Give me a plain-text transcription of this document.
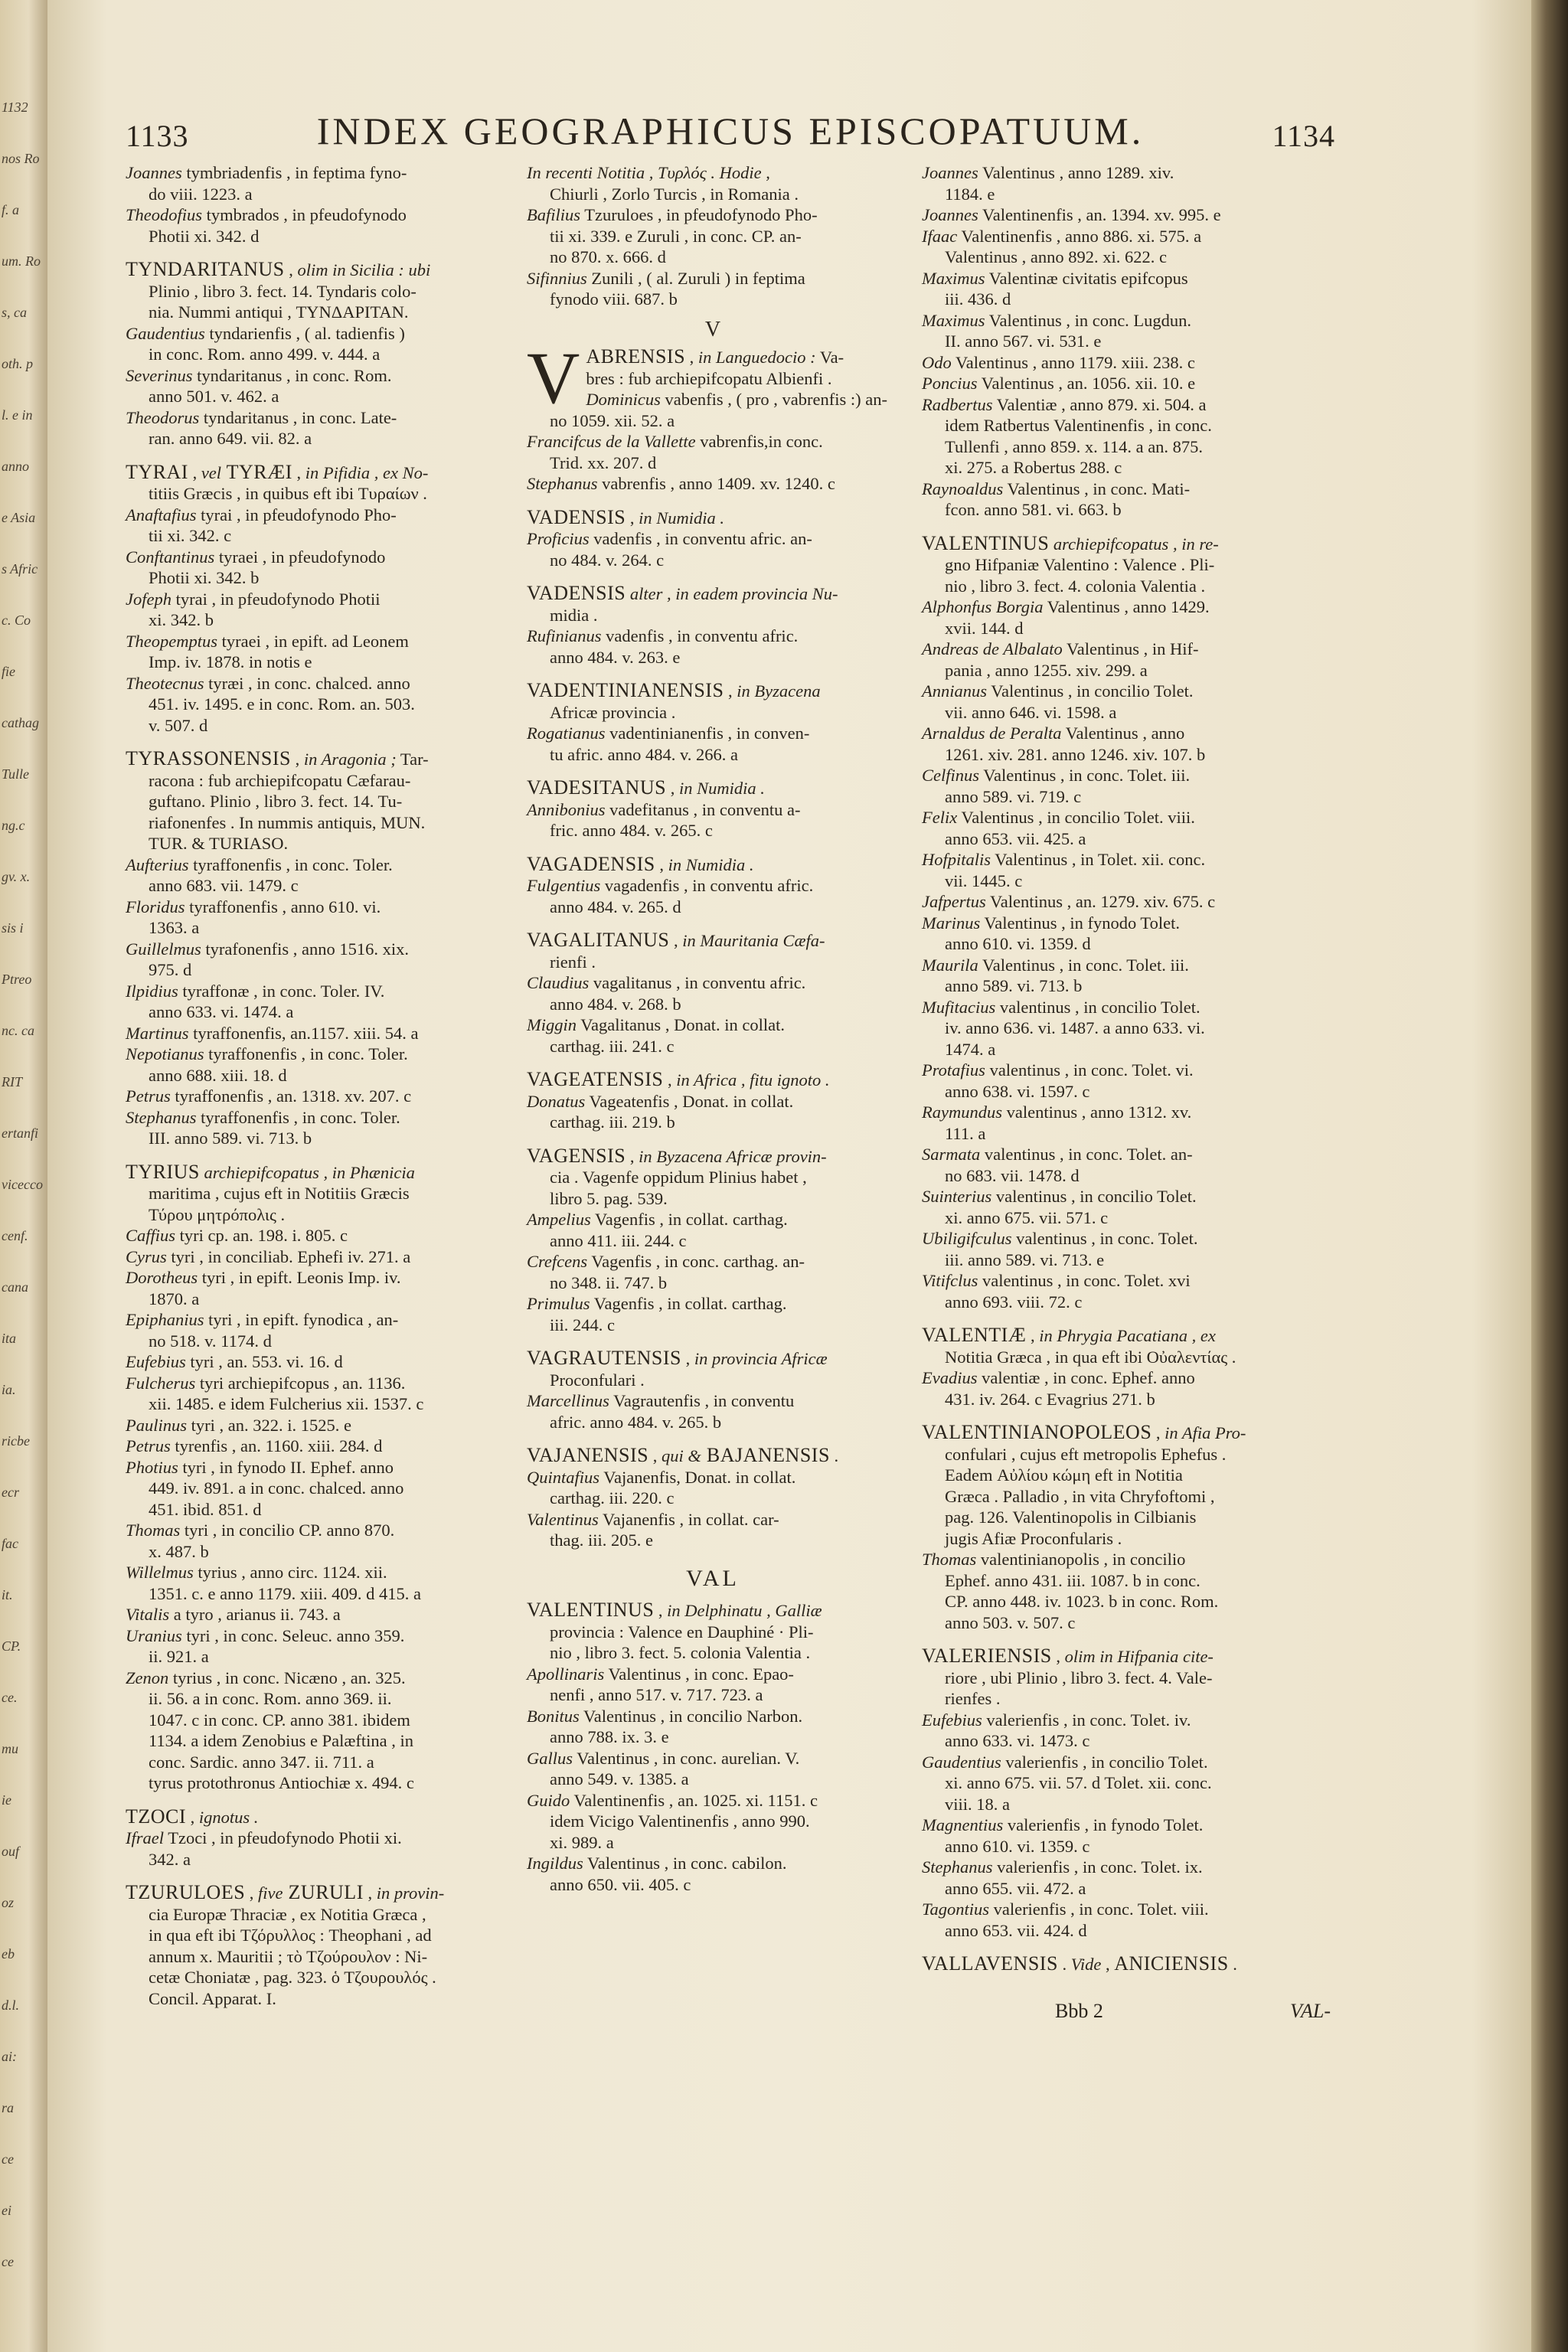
1132
nos Ro
f. a
um. Ro
s, ca
oth. p
l. e in
anno
e Asia
s Afric
c. Co
fie
cathag
Tulle
ng.c
gv. x.
sis i
Ptreo
nc. ca
RIT
ertanfi
vicecco
cenf.
cana
ita
ia.
ricbe
ecr
fac
it.
CP.
ce.
mu
ie
ouf
oz
eb
d.l.
ai:
ra
ce
ei
ce
1133	INDEX GEOGRAPHICUS EPISCOPATUUM.	1134
Joannes tymbriadenfis , in feptima fyno-
do viii. 1223. a
Theodofius tymbrados , in pfeudofynodo
Photii xi. 342. d
TYNDARITANUS , olim in Sicilia : ubi
Plinio , libro 3. fect. 14. Tyndaris colo-
nia. Nummi antiqui , ΤΥΝΔΑΡΙΤΑΝ.
Gaudentius tyndarienfis , ( al. tadienfis )
in conc. Rom. anno 499. v. 444. a
Severinus tyndaritanus , in conc. Rom.
anno 501. v. 462. a
Theodorus tyndaritanus , in conc. Late-
ran. anno 649. vii. 82. a
TYRAI , vel TYRÆI , in Pifidia , ex No-
titiis Græcis , in quibus eft ibi Τυραίων .
Anaftafius tyrai , in pfeudofynodo Pho-
tii xi. 342. c
Conftantinus tyraei , in pfeudofynodo
Photii xi. 342. b
Jofeph tyrai , in pfeudofynodo Photii
xi. 342. b
Theopemptus tyraei , in epift. ad Leonem
Imp. iv. 1878. in notis e
Theotecnus tyræi , in conc. chalced. anno
451. iv. 1495. e in conc. Rom. an. 503.
v. 507. d
TYRASSONENSIS , in Aragonia ; Tar-
racona : fub archiepifcopatu Cæfarau-
guftano. Plinio , libro 3. fect. 14. Tu-
riafonenfes . In nummis antiquis, MUN.
TUR. & TURIASO.
Aufterius tyraffonenfis , in conc. Toler.
anno 683. vii. 1479. c
Floridus tyraffonenfis , anno 610. vi.
1363. a
Guillelmus tyrafonenfis , anno 1516. xix.
975. d
Ilpidius tyraffonæ , in conc. Toler. IV.
anno 633. vi. 1474. a
Martinus tyraffonenfis, an.1157. xiii. 54. a
Nepotianus tyraffonenfis , in conc. Toler.
anno 688. xiii. 18. d
Petrus tyraffonenfis , an. 1318. xv. 207. c
Stephanus tyraffonenfis , in conc. Toler.
III. anno 589. vi. 713. b
TYRIUS archiepifcopatus , in Phænicia
maritima , cujus eft in Notitiis Græcis
Τύρου μητρόπολις .
Caffius tyri cp. an. 198. i. 805. c
Cyrus tyri , in conciliab. Ephefi iv. 271. a
Dorotheus tyri , in epift. Leonis Imp. iv.
1870. a
Epiphanius tyri , in epift. fynodica , an-
no 518. v. 1174. d
Eufebius tyri , an. 553. vi. 16. d
Fulcherus tyri archiepifcopus , an. 1136.
xii. 1485. e idem Fulcherius xii. 1537. c
Paulinus tyri , an. 322. i. 1525. e
Petrus tyrenfis , an. 1160. xiii. 284. d
Photius tyri , in fynodo II. Ephef. anno
449. iv. 891. a in conc. chalced. anno
451. ibid. 851. d
Thomas tyri , in concilio CP. anno 870.
x. 487. b
Willelmus tyrius , anno circ. 1124. xii.
1351. c. e anno 1179. xiii. 409. d 415. a
Vitalis a tyro , arianus ii. 743. a
Uranius tyri , in conc. Seleuc. anno 359.
ii. 921. a
Zenon tyrius , in conc. Nicæno , an. 325.
ii. 56. a in conc. Rom. anno 369. ii.
1047. c in conc. CP. anno 381. ibidem
1134. a idem Zenobius e Palæftina , in
conc. Sardic. anno 347. ii. 711. a
tyrus protothronus Antiochiæ x. 494. c
TZOCI , ignotus .
Ifrael Tzoci , in pfeudofynodo Photii xi.
342. a
TZURULOES , five ZURULI , in provin-
cia Europæ Thraciæ , ex Notitia Græca ,
in qua eft ibi Τζόρυλλος : Theophani , ad
annum x. Mauritii ; τὸ Τζούρουλον : Ni-
cetæ Choniatæ , pag. 323. ὁ Τζουρουλός .
Concil. Apparat. I.
In recenti Notitia , Τυρλός . Hodie ,
Chiurli , Zorlo Turcis , in Romania .
Bafilius Tzuruloes , in pfeudofynodo Pho-
tii xi. 339. e Zuruli , in conc. CP. an-
no 870. x. 666. d
Sifinnius Zunili , ( al. Zuruli ) in feptima
fynodo viii. 687. b
V
V ABRENSIS , in Languedocio : Va-
bres : fub archiepifcopatu Albienfi .
Dominicus vabenfis , ( pro , vabrenfis :) an-
no 1059. xii. 52. a
Francifcus de la Vallette vabrenfis,in conc.
Trid. xx. 207. d
Stephanus vabrenfis , anno 1409. xv. 1240. c
VADENSIS , in Numidia .
Proficius vadenfis , in conventu afric. an-
no 484. v. 264. c
VADENSIS alter , in eadem provincia Nu-
midia .
Rufinianus vadenfis , in conventu afric.
anno 484. v. 263. e
VADENTINIANENSIS , in Byzacena
Africæ provincia .
Rogatianus vadentinianenfis , in conven-
tu afric. anno 484. v. 266. a
VADESITANUS , in Numidia .
Annibonius vadefitanus , in conventu a-
fric. anno 484. v. 265. c
VAGADENSIS , in Numidia .
Fulgentius vagadenfis , in conventu afric.
anno 484. v. 265. d
VAGALITANUS , in Mauritania Cæfa-
rienfi .
Claudius vagalitanus , in conventu afric.
anno 484. v. 268. b
Miggin Vagalitanus , Donat. in collat.
carthag. iii. 241. c
VAGEATENSIS , in Africa , fitu ignoto .
Donatus Vageatenfis , Donat. in collat.
carthag. iii. 219. b
VAGENSIS , in Byzacena Africæ provin-
cia . Vagenfe oppidum Plinius habet ,
libro 5. pag. 539.
Ampelius Vagenfis , in collat. carthag.
anno 411. iii. 244. c
Crefcens Vagenfis , in conc. carthag. an-
no 348. ii. 747. b
Primulus Vagenfis , in collat. carthag.
iii. 244. c
VAGRAUTENSIS , in provincia Africæ
Proconfulari .
Marcellinus Vagrautenfis , in conventu
afric. anno 484. v. 265. b
VAJANENSIS , qui & BAJANENSIS .
Quintafius Vajanenfis, Donat. in collat.
carthag. iii. 220. c
Valentinus Vajanenfis , in collat. car-
thag. iii. 205. e
VAL
VALENTINUS , in Delphinatu , Galliæ
provincia : Valence en Dauphiné · Pli-
nio , libro 3. fect. 5. colonia Valentia .
Apollinaris Valentinus , in conc. Epao-
nenfi , anno 517. v. 717. 723. a
Bonitus Valentinus , in concilio Narbon.
anno 788. ix. 3. e
Gallus Valentinus , in conc. aurelian. V.
anno 549. v. 1385. a
Guido Valentinenfis , an. 1025. xi. 1151. c
idem Vicigo Valentinenfis , anno 990.
xi. 989. a
Ingildus Valentinus , in conc. cabilon.
anno 650. vii. 405. c
Joannes Valentinus , anno 1289. xiv.
1184. e
Joannes Valentinenfis , an. 1394. xv. 995. e
Ifaac Valentinenfis , anno 886. xi. 575. a
Valentinus , anno 892. xi. 622. c
Maximus Valentinæ civitatis epifcopus
iii. 436. d
Maximus Valentinus , in conc. Lugdun.
II. anno 567. vi. 531. e
Odo Valentinus , anno 1179. xiii. 238. c
Poncius Valentinus , an. 1056. xii. 10. e
Radbertus Valentiæ , anno 879. xi. 504. a
idem Ratbertus Valentinenfis , in conc.
Tullenfi , anno 859. x. 114. a an. 875.
xi. 275. a Robertus 288. c
Raynoaldus Valentinus , in conc. Mati-
fcon. anno 581. vi. 663. b
VALENTINUS archiepifcopatus , in re-
gno Hifpaniæ Valentino : Valence . Pli-
nio , libro 3. fect. 4. colonia Valentia .
Alphonfus Borgia Valentinus , anno 1429.
xvii. 144. d
Andreas de Albalato Valentinus , in Hif-
pania , anno 1255. xiv. 299. a
Annianus Valentinus , in concilio Tolet.
vii. anno 646. vi. 1598. a
Arnaldus de Peralta Valentinus , anno
1261. xiv. 281. anno 1246. xiv. 107. b
Celfinus Valentinus , in conc. Tolet. iii.
anno 589. vi. 719. c
Felix Valentinus , in concilio Tolet. viii.
anno 653. vii. 425. a
Hofpitalis Valentinus , in Tolet. xii. conc.
vii. 1445. c
Jafpertus Valentinus , an. 1279. xiv. 675. c
Marinus Valentinus , in fynodo Tolet.
anno 610. vi. 1359. d
Maurila Valentinus , in conc. Tolet. iii.
anno 589. vi. 713. b
Mufitacius valentinus , in concilio Tolet.
iv. anno 636. vi. 1487. a anno 633. vi.
1474. a
Protafius valentinus , in conc. Tolet. vi.
anno 638. vi. 1597. c
Raymundus valentinus , anno 1312. xv.
111. a
Sarmata valentinus , in conc. Tolet. an-
no 683. vii. 1478. d
Suinterius valentinus , in concilio Tolet.
xi. anno 675. vii. 571. c
Ubiligifculus valentinus , in conc. Tolet.
iii. anno 589. vi. 713. e
Vitifclus valentinus , in conc. Tolet. xvi
anno 693. viii. 72. c
VALENTIÆ , in Phrygia Pacatiana , ex
Notitia Græca , in qua eft ibi Οὐαλεντίας .
Evadius valentiæ , in conc. Ephef. anno
431. iv. 264. c Evagrius 271. b
VALENTINIANOPOLEOS , in Afia Pro-
confulari , cujus eft metropolis Ephefus .
Eadem Αὐλίου κώμη eft in Notitia
Græca . Palladio , in vita Chryfoftomi ,
pag. 126. Valentinopolis in Cilbianis
jugis Afiæ Proconfularis .
Thomas valentinianopolis , in concilio
Ephef. anno 431. iii. 1087. b in conc.
CP. anno 448. iv. 1023. b in conc. Rom.
anno 503. v. 507. c
VALERIENSIS , olim in Hifpania cite-
riore , ubi Plinio , libro 3. fect. 4. Vale-
rienfes .
Eufebius valerienfis , in conc. Tolet. iv.
anno 633. vi. 1473. c
Gaudentius valerienfis , in concilio Tolet.
xi. anno 675. vii. 57. d Tolet. xii. conc.
viii. 18. a
Magnentius valerienfis , in fynodo Tolet.
anno 610. vi. 1359. c
Stephanus valerienfis , in conc. Tolet. ix.
anno 655. vii. 472. a
Tagontius valerienfis , in conc. Tolet. viii.
anno 653. vii. 424. d
VALLAVENSIS . Vide , ANICIENSIS .
Bbb 2	VAL-
